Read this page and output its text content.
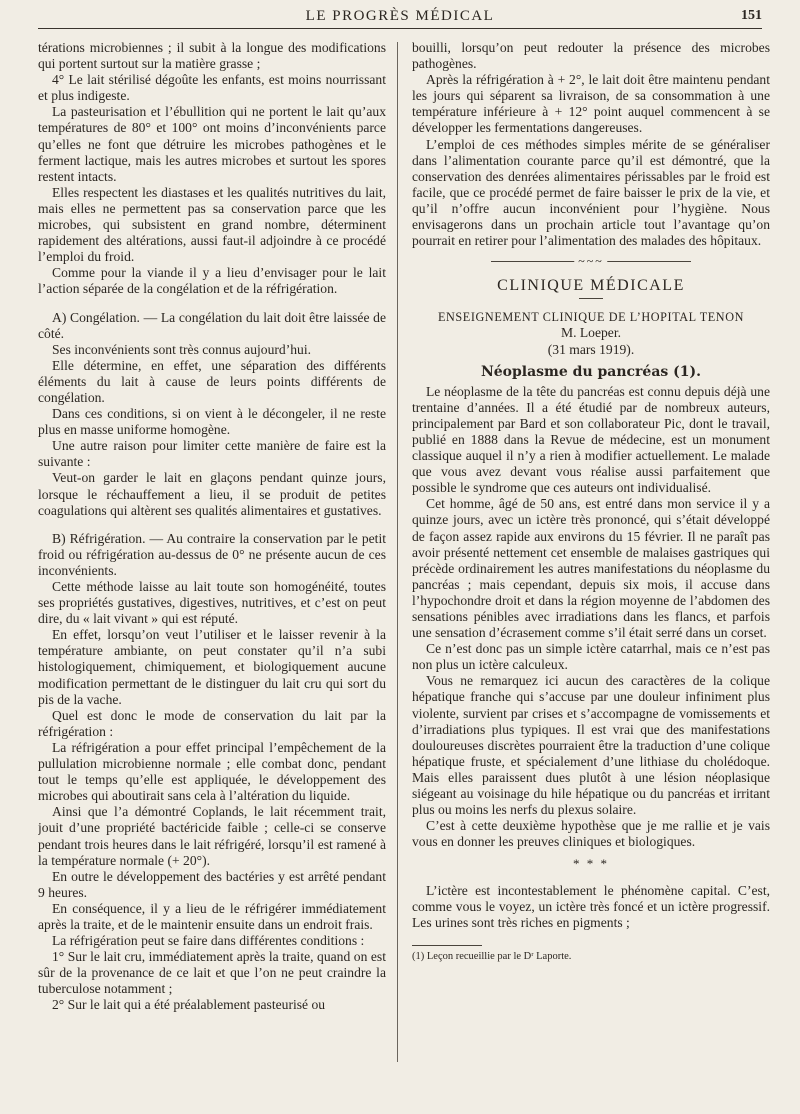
LE PROGRÈS MÉDICAL	151

térations microbiennes ; il subit à la longue des modifications qui portent surtout sur la matière grasse ;

4° Le lait stérilisé dégoûte les enfants, est moins nourrissant et plus indigeste.

La pasteurisation et l’ébullition qui ne portent le lait qu’aux températures de 80° et 100° ont moins d’inconvénients parce qu’elles ne font que détruire les microbes pathogènes et le ferment lactique, mais les autres microbes et surtout les spores restent intacts.

Elles respectent les diastases et les qualités nutritives du lait, mais elles ne permettent pas sa conservation parce que les microbes, qui subsistent en grand nombre, déterminent rapidement des altérations, aussi faut-il adjoindre à ce procédé l’emploi du froid.

Comme pour la viande il y a lieu d’envisager pour le lait l’action séparée de la congélation et de la réfrigération.

A) Congélation. — La congélation du lait doit être laissée de côté.

Ses inconvénients sont très connus aujourd’hui.

Elle détermine, en effet, une séparation des différents éléments du lait à cause de leurs points différents de congélation.

Dans ces conditions, si on vient à le décongeler, il ne reste plus en masse uniforme homogène.

Une autre raison pour limiter cette manière de faire est la suivante :

Veut-on garder le lait en glaçons pendant quinze jours, lorsque le réchauffement a lieu, il se produit de petites coagulations qui altèrent ses qualités alimentaires et gustatives.

B) Réfrigération. — Au contraire la conservation par le petit froid ou réfrigération au-dessus de 0° ne présente aucun de ces inconvénients.

Cette méthode laisse au lait toute son homogénéité, toutes ses propriétés gustatives, digestives, nutritives, et c’est on peut dire, du « lait vivant » qui est réputé.

En effet, lorsqu’on veut l’utiliser et le laisser revenir à la température ambiante, on peut constater qu’il n’a subi histologiquement, chimiquement, et biologiquement aucune modification permettant de le distinguer du lait cru qui sort du pis de la vache.

Quel est donc le mode de conservation du lait par la réfrigération :

La réfrigération a pour effet principal l’empêchement de la pullulation microbienne normale ; elle combat donc, pendant tout le temps qu’elle est appliquée, le développement des microbes qui aboutirait sans cela à l’altération du liquide.

Ainsi que l’a démontré Coplands, le lait récemment trait, jouit d’une propriété bactéricide faible ; celle-ci se conserve pendant trois heures dans le lait réfrigéré, lorsqu’il est ramené à la température normale (+ 20°).

En outre le développement des bactéries y est arrêté pendant 9 heures.

En conséquence, il y a lieu de le réfrigérer immédiatement après la traite, et de le maintenir ensuite dans un endroit frais.

La réfrigération peut se faire dans différentes conditions :

1° Sur le lait cru, immédiatement après la traite, quand on est sûr de la provenance de ce lait et que l’on ne peut craindre la tuberculose notamment ;

2° Sur le lait qui a été préalablement pasteurisé ou

bouilli, lorsqu’on peut redouter la présence des microbes pathogènes.

Après la réfrigération à + 2°, le lait doit être maintenu pendant les jours qui séparent sa livraison, de sa consommation à une température inférieure à + 12° point auquel commencent à se développer les fermentations dangereuses.

L’emploi de ces méthodes simples mérite de se généraliser dans l’alimentation courante parce qu’il est démontré, que la conservation des denrées alimentaires périssables par le froid est facile, que ce procédé permet de faire baisser le prix de la vie, et qu’il n’offre aucun inconvénient pour l’hygiène. Nous envisagerons dans un prochain article tout l’avantage qu’on pourrait en retirer pour l’alimentation des malades des hôpitaux.

~~~
CLINIQUE MÉDICALE

ENSEIGNEMENT CLINIQUE DE L’HOPITAL TENON

M. Loeper.

(31 mars 1919).

Néoplasme du pancréas (1).

Le néoplasme de la tête du pancréas est connu depuis déjà une trentaine d’années. Il a été étudié par de nombreux auteurs, principalement par Bard et son collaborateur Pic, dont le travail, publié en 1888 dans la Revue de médecine, est un monument classique auquel il n’y a rien à modifier actuellement. Le malade que vous avez devant vous réalise aussi parfaitement que possible le syndrome que ces auteurs ont individualisé.

Cet homme, âgé de 50 ans, est entré dans mon service il y a quinze jours, avec un ictère très prononcé, qui s’était développé de façon assez rapide aux environs du 15 février. Il ne paraît pas avoir présenté nettement cet ensemble de malaises gastriques qui précède ordinairement les autres manifestations du néoplasme du pancréas ; mais cependant, depuis six mois, il accuse dans l’hypochondre droit et dans la région moyenne de l’abdomen des sensations pénibles avec irradiations dans les flancs, et parfois une sensation d’écrasement comme s’il était serré dans un corset.

Ce n’est donc pas un simple ictère catarrhal, mais ce n’est pas non plus un ictère calculeux.

Vous ne remarquez ici aucun des caractères de la colique hépatique franche qui s’accuse par une douleur infiniment plus violente, survient par crises et s’accompagne de vomissements et d’irradiations plus typiques. Il est vrai que des manifestations douloureuses discrètes pourraient être la traduction d’une colique hépatique fruste, et spécialement d’une lithiase du cholédoque. Mais elles paraissent dues plutôt à une lésion néoplasique siégeant au voisinage du hile hépatique ou du pancréas et irritant plus ou moins les nerfs du plexus solaire.

C’est à cette deuxième hypothèse que je me rallie et je vais vous en donner les preuves cliniques et biologiques.

* * *

L’ictère est incontestablement le phénomène capital. C’est, comme vous le voyez, un ictère très foncé et un ictère progressif. Les urines sont très riches en pigments ;

(1) Leçon recueillie par le Dʳ Laporte.
